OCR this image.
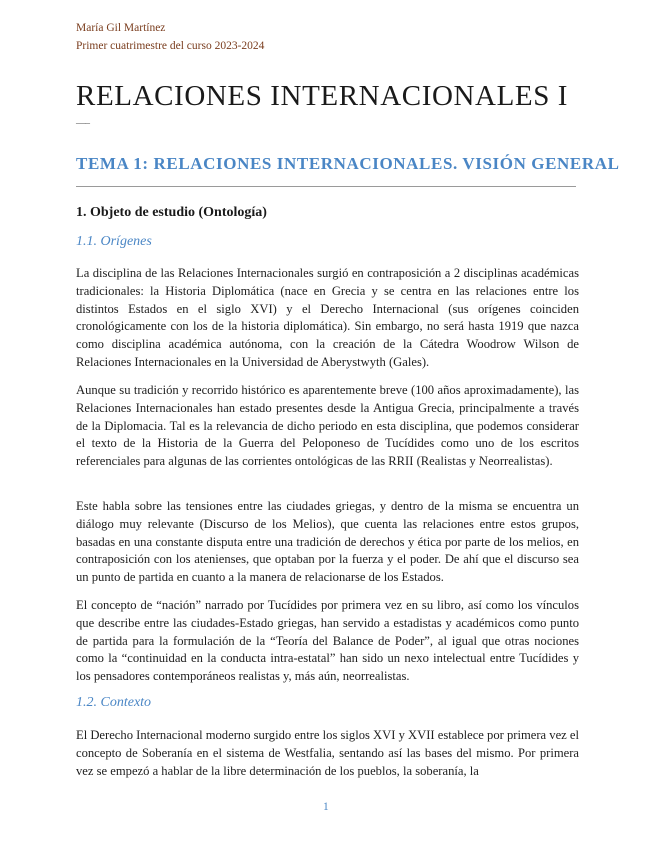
María Gil Martínez
Primer cuatrimestre del curso 2023-2024
RELACIONES INTERNACIONALES I
—–
TEMA 1: RELACIONES INTERNACIONALES. VISIÓN GENERAL
1. Objeto de estudio (Ontología)
1.1. Orígenes

La disciplina de las Relaciones Internacionales surgió en contraposición a 2 disciplinas académicas tradicionales: la Historia Diplomática (nace en Grecia y se centra en las relaciones entre los distintos Estados en el siglo XVI) y el Derecho Internacional (sus orígenes coinciden cronológicamente con los de la historia diplomática). Sin embargo, no será hasta 1919 que nazca como disciplina académica autónoma, con la creación de la Cátedra Woodrow Wilson de Relaciones Internacionales en la Universidad de Aberystwyth (Gales).

Aunque su tradición y recorrido histórico es aparentemente breve (100 años aproximadamente), las Relaciones Internacionales han estado presentes desde la Antigua Grecia, principalmente a través de la Diplomacia. Tal es la relevancia de dicho periodo en esta disciplina, que podemos considerar el texto de la Historia de la Guerra del Peloponeso de Tucídides como uno de los escritos referenciales para algunas de las corrientes ontológicas de las RRII (Realistas y Neorrealistas).

Este habla sobre las tensiones entre las ciudades griegas, y dentro de la misma se encuentra un diálogo muy relevante (Discurso de los Melios), que cuenta las relaciones entre estos grupos, basadas en una constante disputa entre una tradición de derechos y ética por parte de los melios, en contraposición con los atenienses, que optaban por la fuerza y el poder. De ahí que el discurso sea un punto de partida en cuanto a la manera de relacionarse de los Estados.

El concepto de “nación” narrado por Tucídides por primera vez en su libro, así como los vínculos que describe entre las ciudades-Estado griegas, han servido a estadistas y académicos como punto de partida para la formulación de la “Teoría del Balance de Poder”, al igual que otras nociones como la “continuidad en la conducta intra-estatal” han sido un nexo intelectual entre Tucídides y los pensadores contemporáneos realistas y, más aún, neorrealistas.

1.2. Contexto

El Derecho Internacional moderno surgido entre los siglos XVI y XVII establece por primera vez el concepto de Soberanía en el sistema de Westfalia, sentando así las bases del mismo. Por primera vez se empezó a hablar de la libre determinación de los pueblos, la soberanía, la

1
